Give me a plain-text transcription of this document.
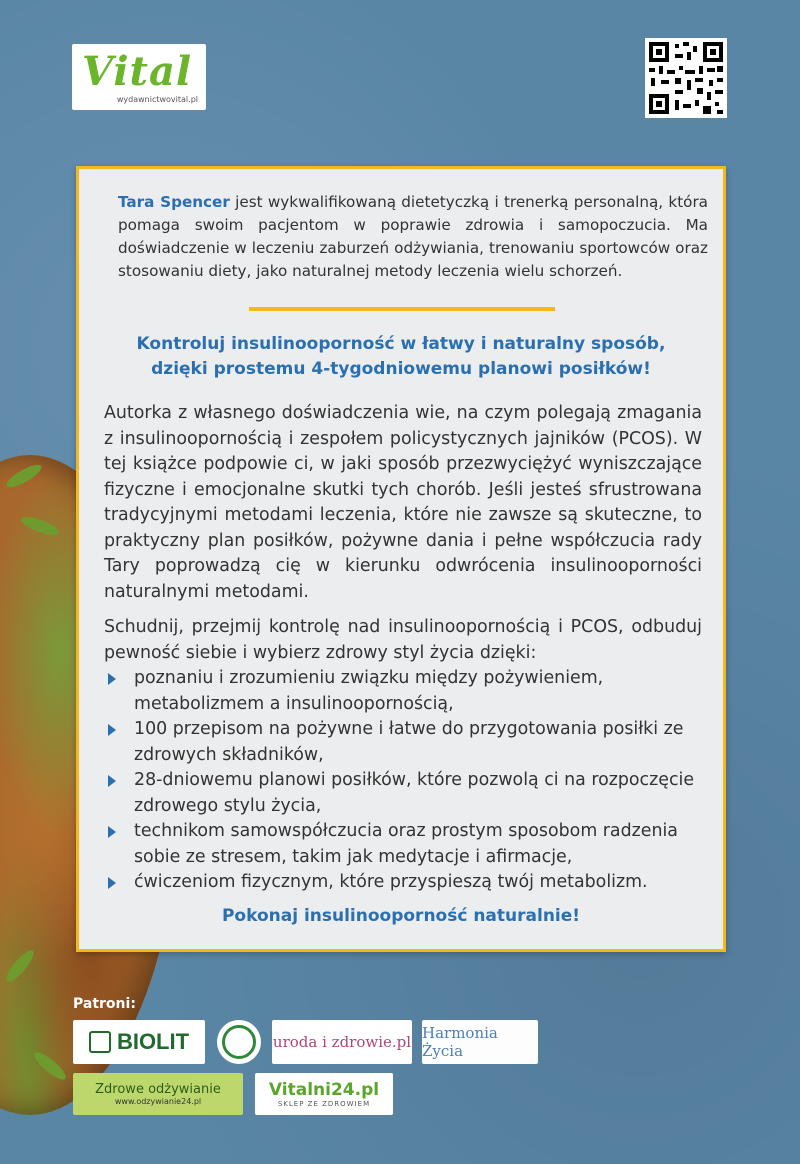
Vital
wydawnictwovital.pl
Tara Spencer jest wykwalifikowaną dietetyczką i trenerką personalną, która pomaga swoim pacjentom w poprawie zdrowia i samopoczucia. Ma doświadczenie w leczeniu zaburzeń odżywiania, trenowaniu sportowców oraz stosowaniu diety, jako naturalnej metody leczenia wielu schorzeń.
Kontroluj insulinooporność w łatwy i naturalny sposób,
dzięki prostemu 4-tygodniowemu planowi posiłków!
Autorka z własnego doświadczenia wie, na czym polegają zmagania z insulinoopornością i zespołem policystycznych jajników (PCOS). W tej książce podpowie ci, w jaki sposób przezwyciężyć wyniszczające fizyczne i emocjonalne skutki tych chorób. Jeśli jesteś sfrustrowana tradycyjnymi metodami leczenia, które nie zawsze są skuteczne, to praktyczny plan posiłków, pożywne dania i pełne współczucia rady Tary poprowadzą cię w kierunku odwrócenia insulinooporności naturalnymi metodami.
Schudnij, przejmij kontrolę nad insulinoopornością i PCOS, odbuduj pewność siebie i wybierz zdrowy styl życia dzięki:
poznaniu i zrozumieniu związku między pożywieniem, metabolizmem a insulinoopornością,
100 przepisom na pożywne i łatwe do przygotowania posiłki ze zdrowych składników,
28-dniowemu planowi posiłków, które pozwolą ci na rozpoczęcie zdrowego stylu życia,
technikom samowspółczucia oraz prostym sposobom radzenia sobie ze stresem, takim jak medytacje i afirmacje,
ćwiczeniom fizycznym, które przyspieszą twój metabolizm.
Pokonaj insulinooporność naturalnie!
Patroni:
BIOLIT	uroda i zdrowie.pl Harmonia Życia
Zdrowe odżywianie
www.odzywianie24.pl
Vitalni24.pl
SKLEP ZE ZDROWIEM
